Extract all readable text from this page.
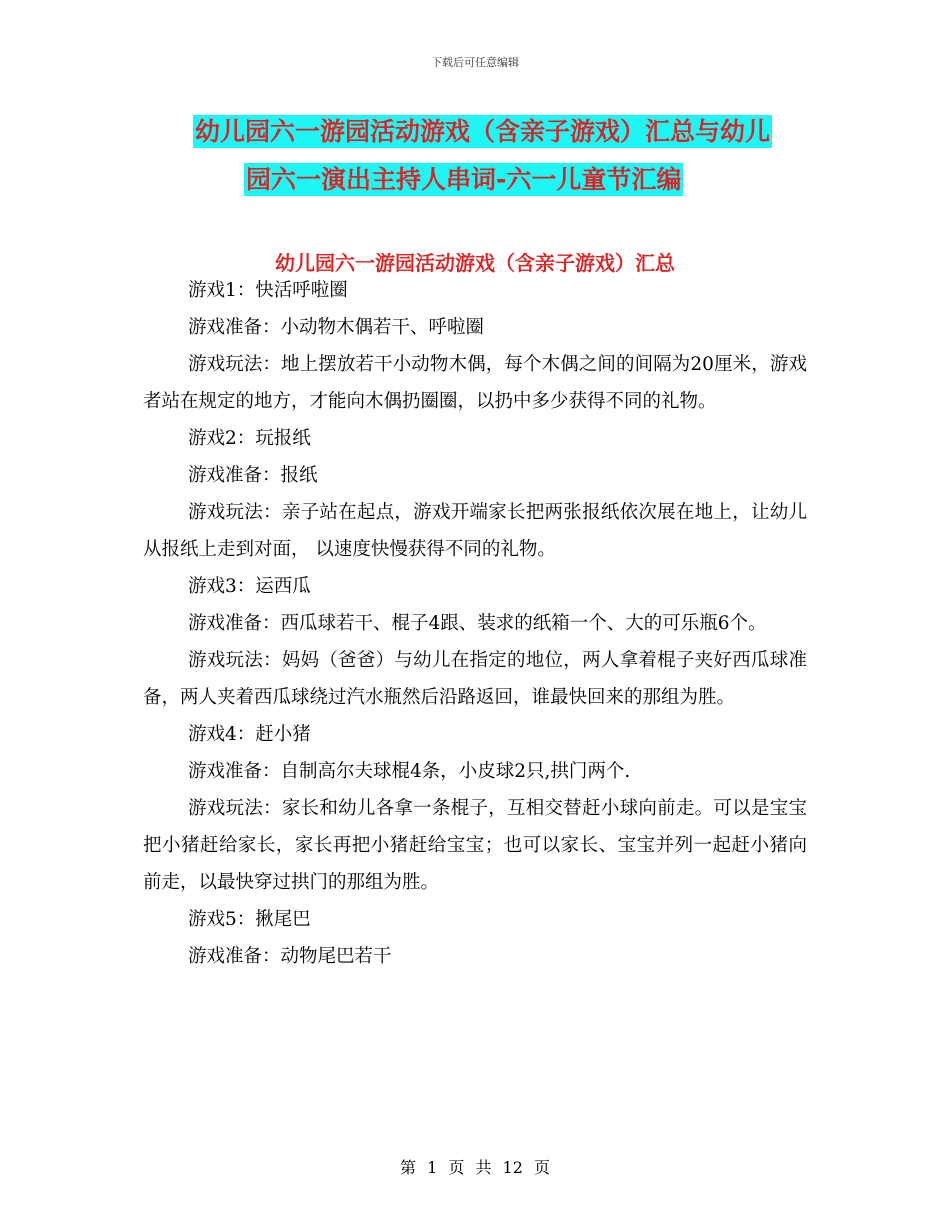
下载后可任意编辑
幼儿园六一游园活动游戏（含亲子游戏）汇总与幼儿
园六一演出主持人串词-六一儿童节汇编
幼儿园六一游园活动游戏（含亲子游戏）汇总

游戏1：快活呼啦圈

游戏准备：小动物木偶若干、呼啦圈

游戏玩法：地上摆放若干小动物木偶，每个木偶之间的间隔为20厘米，游戏者站在规定的地方，才能向木偶扔圈圈，以扔中多少获得不同的礼物。

游戏2：玩报纸

游戏准备：报纸

游戏玩法：亲子站在起点，游戏开端家长把两张报纸依次展在地上，让幼儿从报纸上走到对面， 以速度快慢获得不同的礼物。

游戏3：运西瓜

游戏准备：西瓜球若干、棍子4跟、装求的纸箱一个、大的可乐瓶6个。

游戏玩法：妈妈（爸爸）与幼儿在指定的地位，两人拿着棍子夹好西瓜球准备，两人夹着西瓜球绕过汽水瓶然后沿路返回，谁最快回来的那组为胜。

游戏4：赶小猪

游戏准备：自制高尔夫球棍4条，小皮球2只,拱门两个.

游戏玩法：家长和幼儿各拿一条棍子，互相交替赶小球向前走。可以是宝宝把小猪赶给家长，家长再把小猪赶给宝宝；也可以家长、宝宝并列一起赶小猪向前走，以最快穿过拱门的那组为胜。

游戏5：揪尾巴

游戏准备：动物尾巴若干

第 1 页 共 12 页
